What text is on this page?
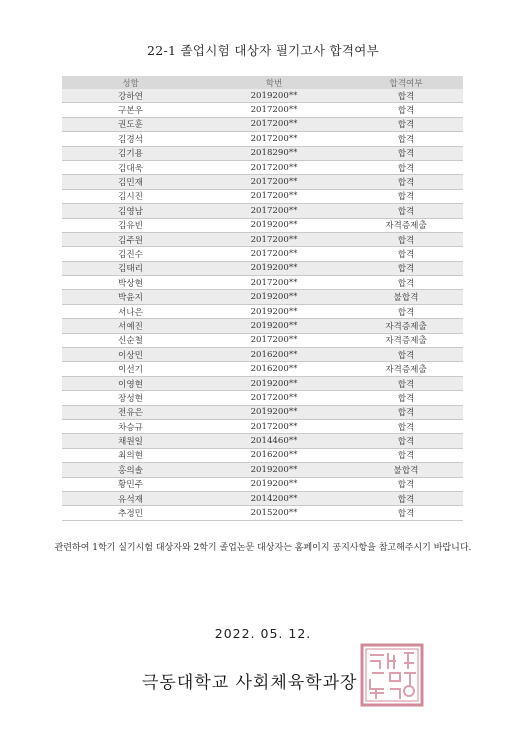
22-1 졸업시험 대상자 필기고사 합격여부
성함	학번	합격여부
강하연	2019200**	합격
구본우	2017200**	합격
권도훈	2017200**	합격
김경석	2017200**	합격
김기용	2018290**	합격
김대욱	2017200**	합격
김민재	2017200**	합격
김시진	2017200**	합격
김영남	2017200**	합격
김유빈	2019200**	자격증제출
김주원	2017200**	합격
김진수	2017200**	합격
김태리	2019200**	합격
박상현	2017200**	합격
박윤지	2019200**	불합격
서나은	2019200**	합격
서예진	2019200**	자격증제출
신순철	2017200**	자격증제출
이상민	2016200**	합격
이선기	2016200**	자격증제출
이영현	2019200**	합격
장성현	2017200**	합격
전유은	2019200**	합격
차승규	2017200**	합격
채원일	2014460**	합격
최의현	2016200**	합격
홍의솔	2019200**	불합격
황민주	2019200**	합격
유석재	2014200**	합격
추정민	2015200**	합격
관련하여 1학기 실기시험 대상자와 2학기 졸업논문 대상자는 홈페이지 공지사항을 참고해주시기 바랍니다.
2022. 05. 12.
극동대학교 사회체육학과장
